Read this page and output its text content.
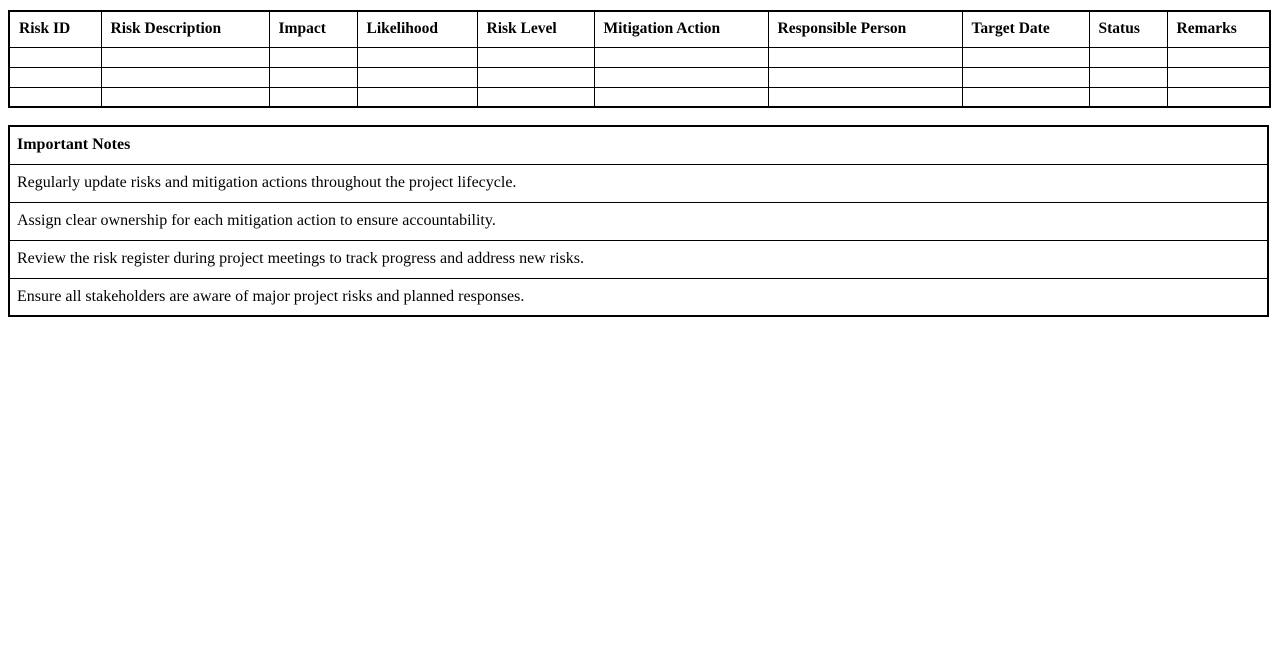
Risk ID	Risk Description	Impact	Likelihood	Risk Level	Mitigation Action	Responsible Person	Target Date	Status	Remarks

Important Notes
Regularly update risks and mitigation actions throughout the project lifecycle.
Assign clear ownership for each mitigation action to ensure accountability.
Review the risk register during project meetings to track progress and address new risks.
Ensure all stakeholders are aware of major project risks and planned responses.
